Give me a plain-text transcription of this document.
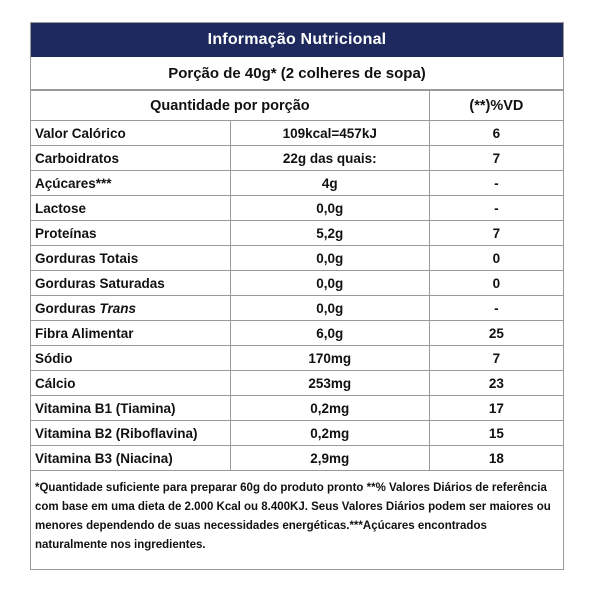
Informação Nutricional
Porção de 40g* (2 colheres de sopa)
Quantidade por porção		(**)%VD
Valor Calórico	109kcal=457kJ	6
Carboidratos	22g das quais:	7
Açúcares***	4g	-
Lactose	0,0g	-
Proteínas	5,2g	7
Gorduras Totais	0,0g	0
Gorduras Saturadas	0,0g	0
Gorduras Trans	0,0g	-
Fibra Alimentar	6,0g	25
Sódio	170mg	7
Cálcio	253mg	23
Vitamina B1 (Tiamina)	0,2mg	17
Vitamina B2 (Riboflavina)	0,2mg	15
Vitamina B3 (Niacina)	2,9mg	18
*Quantidade suficiente para preparar 60g do produto pronto **% Valores Diários de referência com base em uma dieta de 2.000 Kcal ou 8.400KJ. Seus Valores Diários podem ser maiores ou menores dependendo de suas necessidades energéticas.***Açúcares encontrados naturalmente nos ingredientes.
